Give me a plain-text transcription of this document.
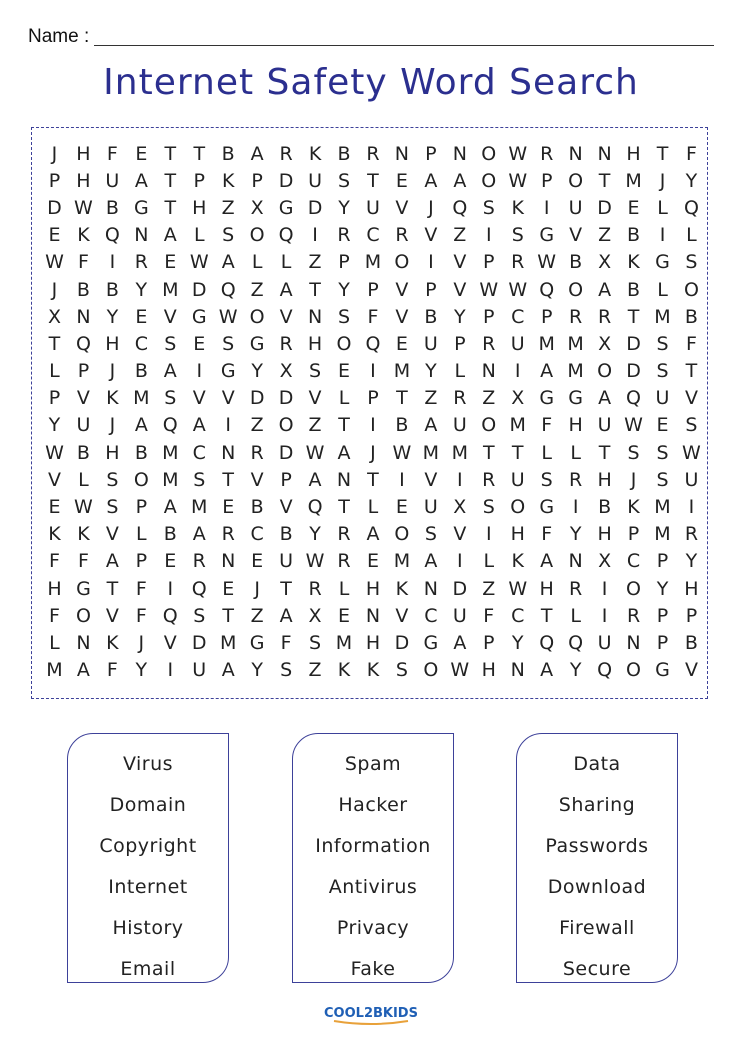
Name :
Internet Safety Word Search
J	H F E T T B A R K B R N P N O W R N N H T F
P H U A T P K P D U S T E A A O W P O T M J	Y
D W B G T H Z X G D Y U V	J Q S K	I	U D E L Q
E K Q N A L S O Q I	R C R V Z	I	S G V Z B	I	L
W F	I	R E W A L L Z P M O I	V P R W B X K G S
J	B B Y M D Q Z A T Y P V P V W W Q O A B L O
X N Y E V G W O V N S F V B Y P C P R R T M B
T Q H C S E S G R H O Q E U P R U M M X D S F
L P	J	B A	I G Y X S E	I M Y L N	I	A M O D S T
P V K M S V V D D V L P T Z R Z X G G A Q U V
Y U	J	A Q A	I	Z O Z T	I	B A U O M F H U W E S
W B H B M C N R D W A	J W M M T T L L T S S W
V L S O M S T V P A N T	I	V	I	R U S R H	J	S U
E W S P A M E B V Q T L E U X S O G I	B K M I
K K V L B A R C B Y R A O S V	I	H F Y H P M R
F F A P E R N E U W R E M A	I	L K A N X C P Y
H G T F	I Q E	J	T R L H K N D Z W H R	I O Y H
F O V F Q S T Z A X E N V C U F C T L	I	R P P
L N K	J	V D M G F S M H D G A P Y Q Q U N P B
M A F Y	I	U A Y S Z K K S O W H N A Y Q O G V
Virus
Domain
Copyright
Internet
History
Email
Spam
Hacker
Information
Antivirus
Privacy
Fake
Data
Sharing
Passwords
Download
Firewall
Secure
COOL2BKIDS
